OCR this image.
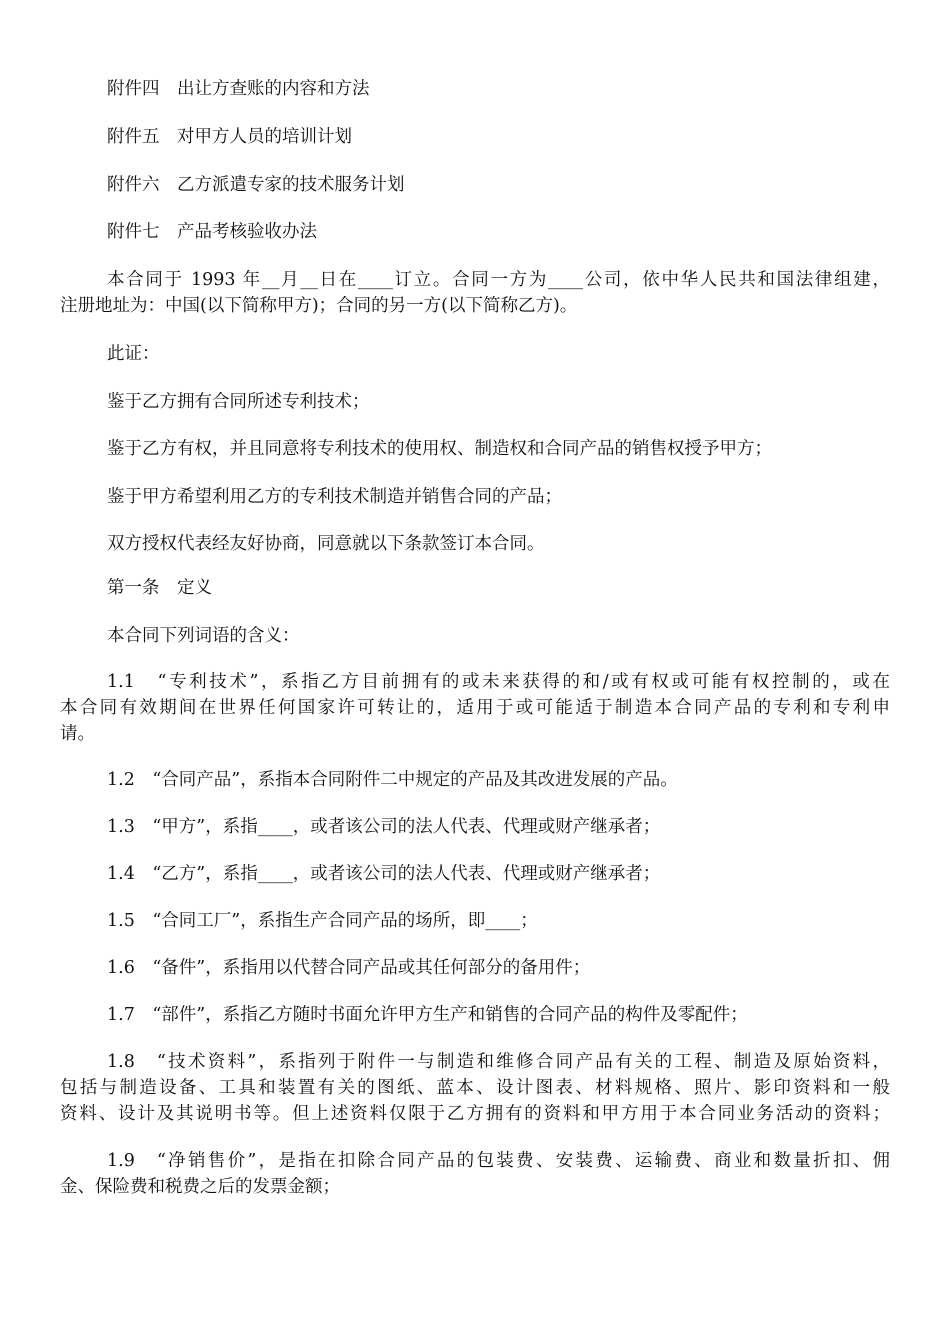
附件四　出让方查账的内容和方法
附件五　对甲方人员的培训计划
附件六　乙方派遣专家的技术服务计划
附件七　产品考核验收办法
本合同于 1993 年__月__日在____订立。合同一方为____公司，依中华人民共和国法律组建，
注册地址为：中国(以下简称甲方)；合同的另一方(以下简称乙方)。
此证：
鉴于乙方拥有合同所述专利技术；
鉴于乙方有权，并且同意将专利技术的使用权、制造权和合同产品的销售权授予甲方；
鉴于甲方希望利用乙方的专利技术制造并销售合同的产品；
双方授权代表经友好协商，同意就以下条款签订本合同。
第一条　定义
本合同下列词语的含义：
1.1　“专利技术”，系指乙方目前拥有的或未来获得的和/或有权或可能有权控制的，或在
本合同有效期间在世界任何国家许可转让的，适用于或可能适于制造本合同产品的专利和专利申
请。
1.2　“合同产品”，系指本合同附件二中规定的产品及其改进发展的产品。
1.3　“甲方”，系指____，或者该公司的法人代表、代理或财产继承者；
1.4　“乙方”，系指____，或者该公司的法人代表、代理或财产继承者；
1.5　“合同工厂”，系指生产合同产品的场所，即____；
1.6　“备件”，系指用以代替合同产品或其任何部分的备用件；
1.7　“部件”，系指乙方随时书面允许甲方生产和销售的合同产品的构件及零配件；
1.8　“技术资料”，系指列于附件一与制造和维修合同产品有关的工程、制造及原始资料，
包括与制造设备、工具和装置有关的图纸、蓝本、设计图表、材料规格、照片、影印资料和一般
资料、设计及其说明书等。但上述资料仅限于乙方拥有的资料和甲方用于本合同业务活动的资料；
1.9　“净销售价”，是指在扣除合同产品的包装费、安装费、运输费、商业和数量折扣、佣
金、保险费和税费之后的发票金额；
